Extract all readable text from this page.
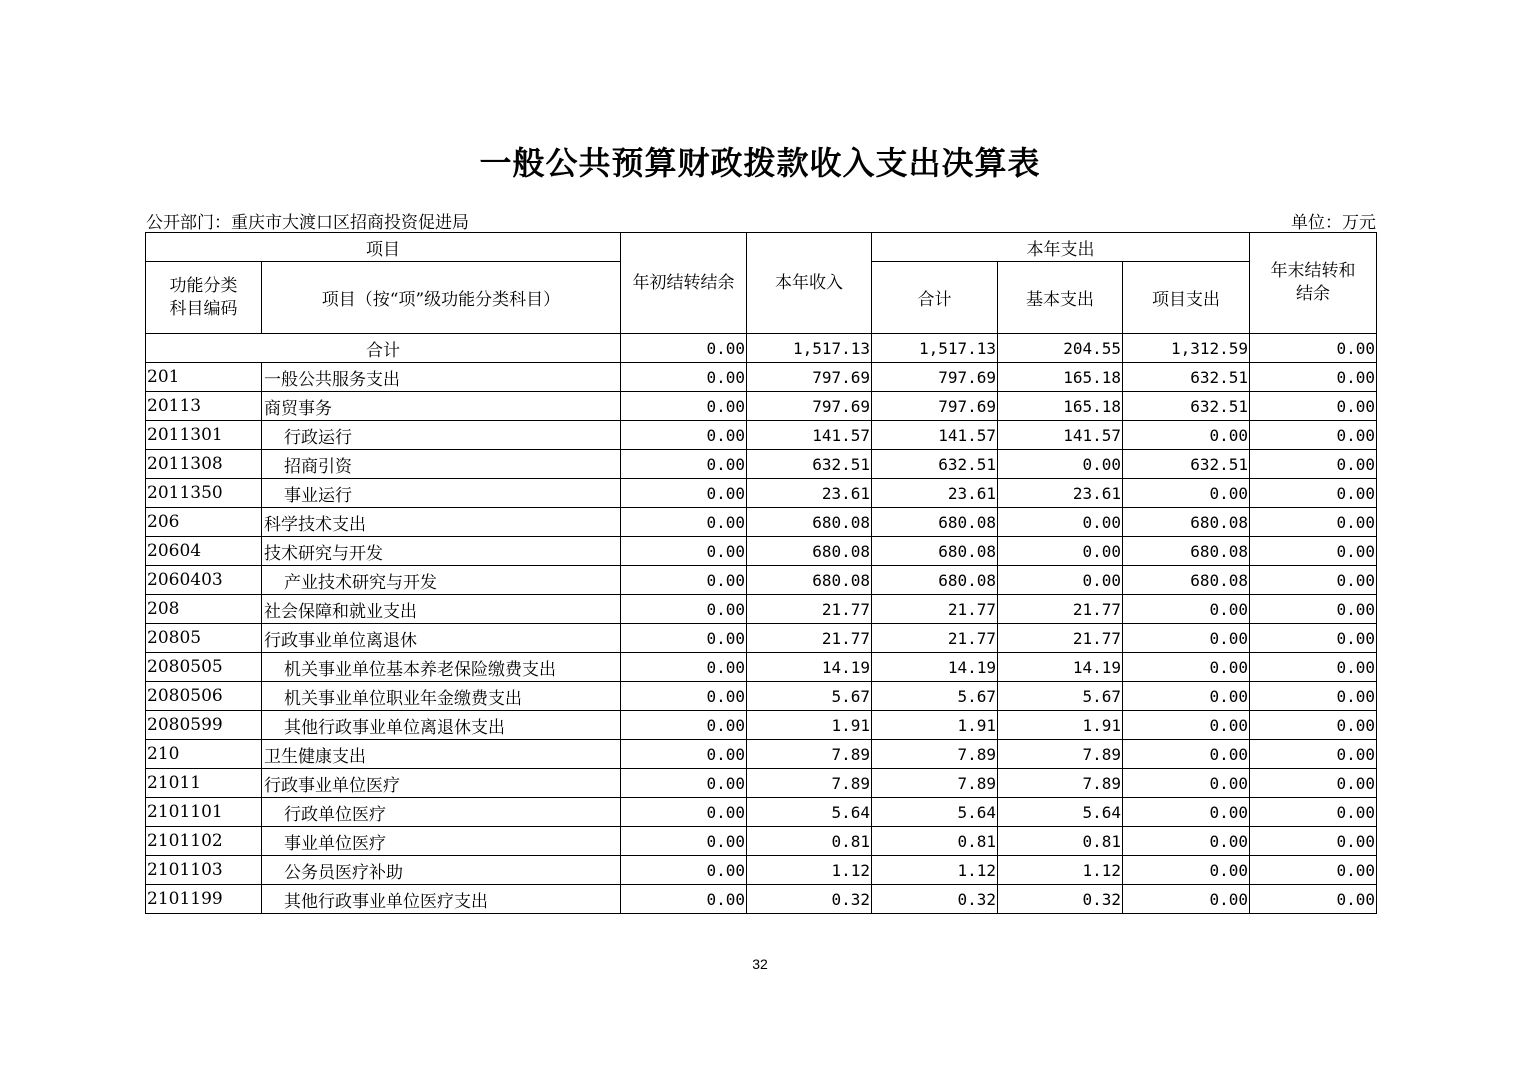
一般公共预算财政拨款收入支出决算表
公开部门：重庆市大渡口区招商投资促进局	单位：万元
项目		年初结转结余	本年收入	本年支出			年末结转和结余
功能分类科目编码	项目（按“项”级功能分类科目）			合计	基本支出	项目支出	
合计		0.00	1,517.13	1,517.13	204.55	1,312.59	0.00
201	一般公共服务支出	0.00	797.69	797.69	165.18	632.51	0.00
20113	商贸事务	0.00	797.69	797.69	165.18	632.51	0.00
2011301	行政运行	0.00	141.57	141.57	141.57	0.00	0.00
2011308	招商引资	0.00	632.51	632.51	0.00	632.51	0.00
2011350	事业运行	0.00	23.61	23.61	23.61	0.00	0.00
206	科学技术支出	0.00	680.08	680.08	0.00	680.08	0.00
20604	技术研究与开发	0.00	680.08	680.08	0.00	680.08	0.00
2060403	产业技术研究与开发	0.00	680.08	680.08	0.00	680.08	0.00
208	社会保障和就业支出	0.00	21.77	21.77	21.77	0.00	0.00
20805	行政事业单位离退休	0.00	21.77	21.77	21.77	0.00	0.00
2080505	机关事业单位基本养老保险缴费支出	0.00	14.19	14.19	14.19	0.00	0.00
2080506	机关事业单位职业年金缴费支出	0.00	5.67	5.67	5.67	0.00	0.00
2080599	其他行政事业单位离退休支出	0.00	1.91	1.91	1.91	0.00	0.00
210	卫生健康支出	0.00	7.89	7.89	7.89	0.00	0.00
21011	行政事业单位医疗	0.00	7.89	7.89	7.89	0.00	0.00
2101101	行政单位医疗	0.00	5.64	5.64	5.64	0.00	0.00
2101102	事业单位医疗	0.00	0.81	0.81	0.81	0.00	0.00
2101103	公务员医疗补助	0.00	1.12	1.12	1.12	0.00	0.00
2101199	其他行政事业单位医疗支出	0.00	0.32	0.32	0.32	0.00	0.00
32
